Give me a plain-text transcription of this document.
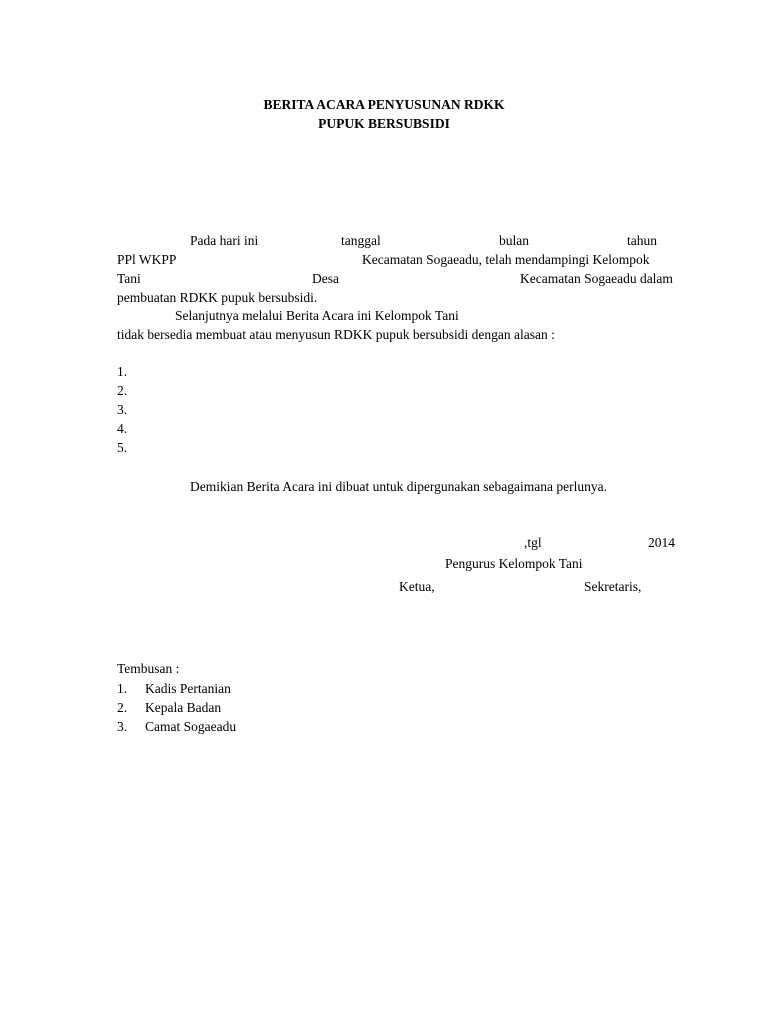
BERITA ACARA PENYUSUNAN RDKK
PUPUK BERSUBSIDI
Pada hari ini	tanggal	bulan	tahun
PPl WKPP	Kecamatan Sogaeadu, telah mendampingi Kelompok
Tani	Desa	Kecamatan Sogaeadu dalam
pembuatan RDKK pupuk bersubsidi.
Selanjutnya melalui Berita Acara ini Kelompok Tani
tidak bersedia membuat atau menyusun RDKK pupuk bersubsidi dengan alasan :
1.
2.
3.
4.
5.
Demikian Berita Acara ini dibuat untuk dipergunakan sebagaimana perlunya.
,tgl	2014
Pengurus Kelompok Tani
Ketua,	Sekretaris,
Tembusan :
1. Kadis Pertanian
2. Kepala Badan
3. Camat Sogaeadu
